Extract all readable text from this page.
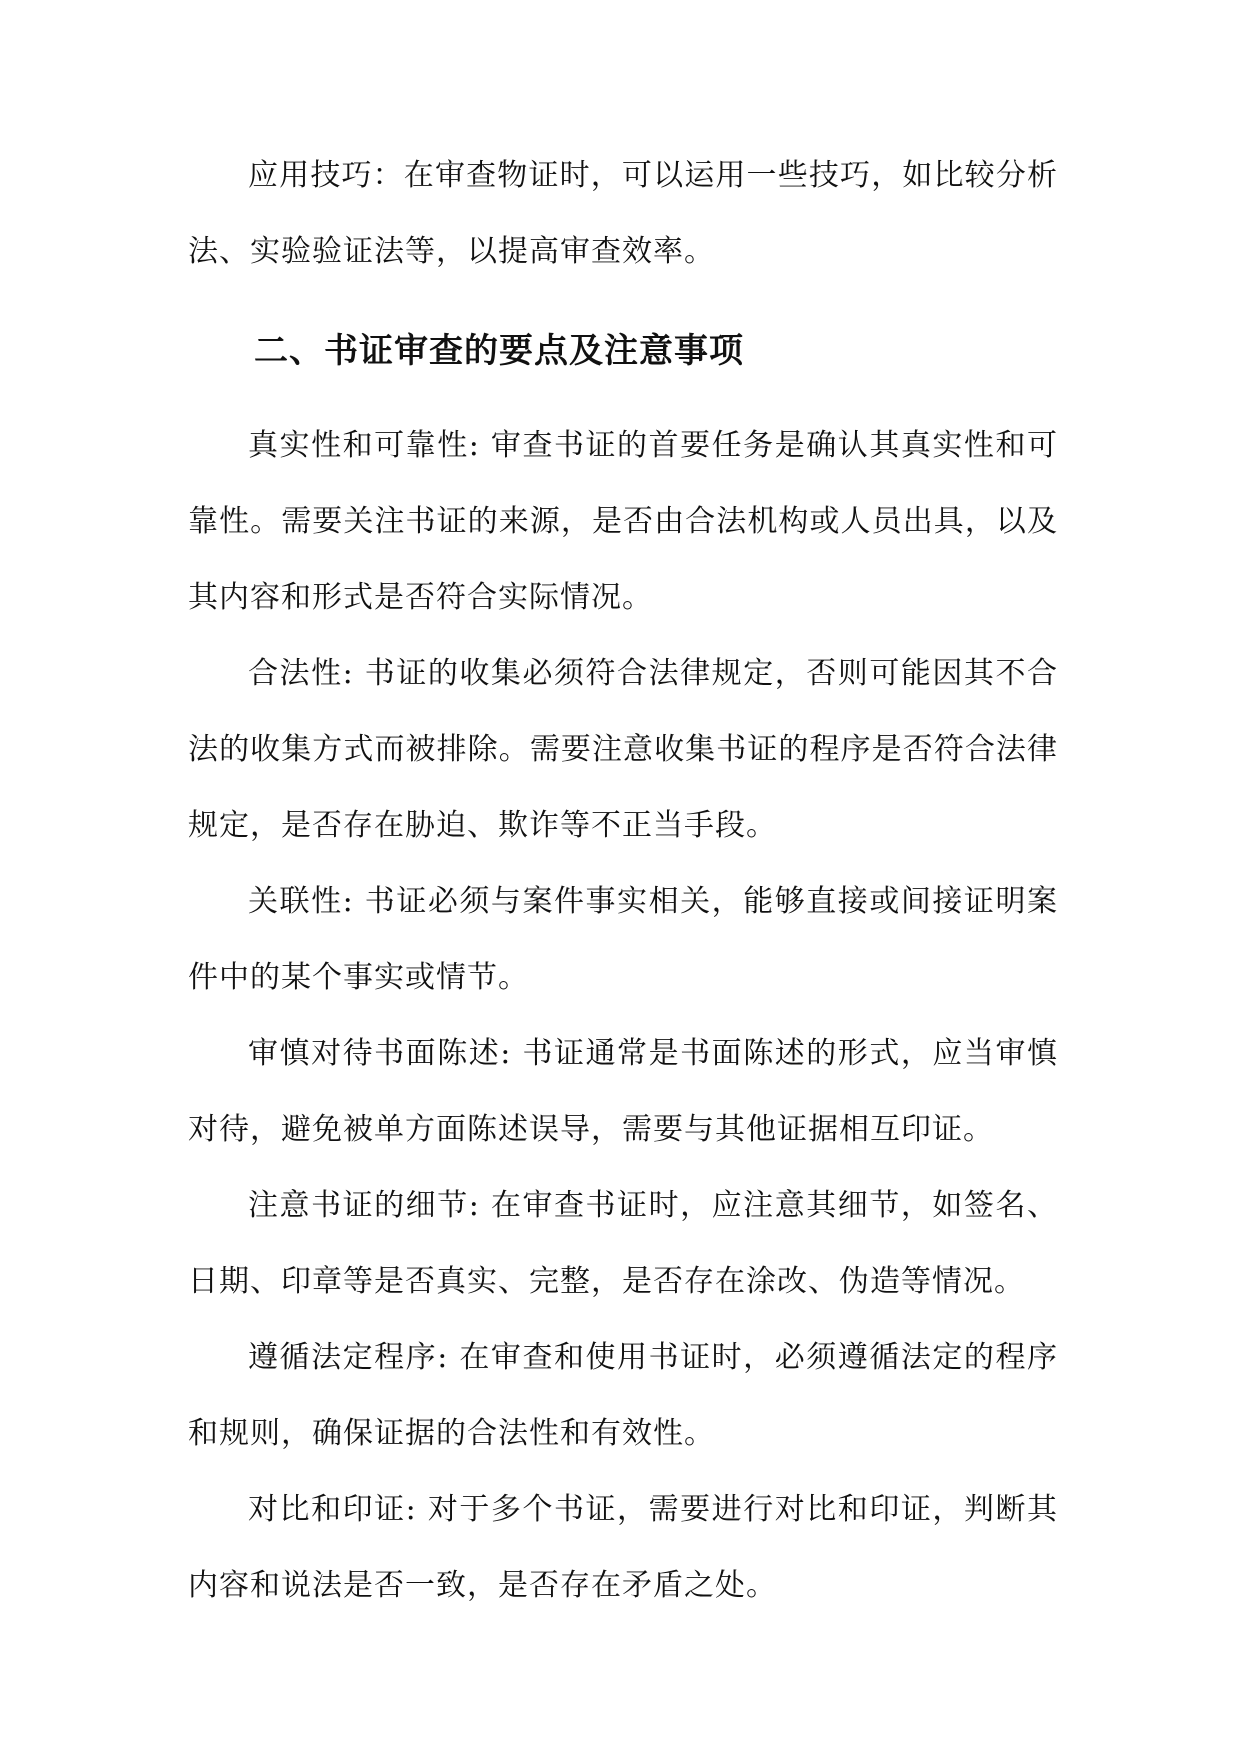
应用技巧：在审查物证时，可以运用一些技巧，如比较分析法、实验验证法等，以提高审查效率。

二、书证审查的要点及注意事项

真实性和可靠性: 审查书证的首要任务是确认其真实性和可靠性。需要关注书证的来源，是否由合法机构或人员出具，以及其内容和形式是否符合实际情况。

合法性: 书证的收集必须符合法律规定，否则可能因其不合法的收集方式而被排除。需要注意收集书证的程序是否符合法律规定，是否存在胁迫、欺诈等不正当手段。

关联性: 书证必须与案件事实相关，能够直接或间接证明案件中的某个事实或情节。

审慎对待书面陈述: 书证通常是书面陈述的形式，应当审慎对待，避免被单方面陈述误导，需要与其他证据相互印证。

注意书证的细节: 在审查书证时，应注意其细节，如签名、日期、印章等是否真实、完整，是否存在涂改、伪造等情况。

遵循法定程序: 在审查和使用书证时，必须遵循法定的程序和规则，确保证据的合法性和有效性。

对比和印证: 对于多个书证，需要进行对比和印证，判断其内容和说法是否一致，是否存在矛盾之处。
